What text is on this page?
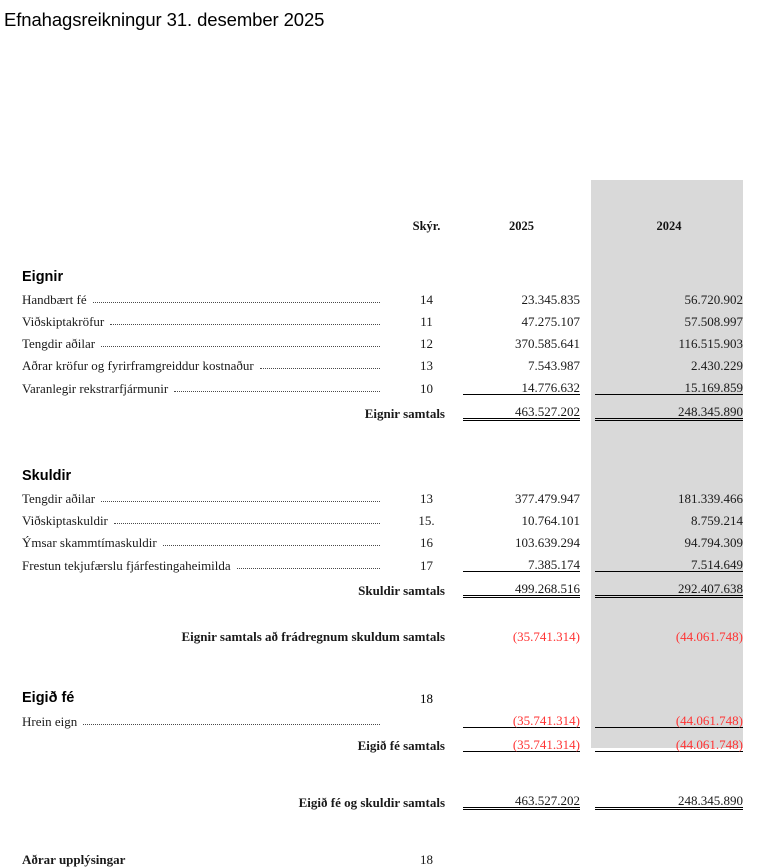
Efnahagsreikningur 31. desember 2025
	Skýr.	2025		2024	

Eignir					

Handbært fé	14	23.345.835		56.720.902	

Viðskiptakröfur	11	47.275.107		57.508.997	

Tengdir aðilar	12	370.585.641		116.515.903	

Aðrar kröfur og fyrirframgreiddur kostnaður	13	7.543.987		2.430.229	

Varanlegir rekstrarfjármunir	10	14.776.632		15.169.859	
Eignir samtals		463.527.202		248.345.890	

Skuldir					

Tengdir aðilar	13	377.479.947		181.339.466	

Viðskiptaskuldir	15.	10.764.101		8.759.214	

Ýmsar skammtímaskuldir	16	103.639.294		94.794.309	

Frestun tekjufærslu fjárfestingaheimilda	17	7.385.174		7.514.649	
Skuldir samtals		499.268.516		292.407.638	

Eignir samtals að frádregnum skuldum samtals		(35.741.314)		(44.061.748)	

Eigið fé	18				

Hrein eign		(35.741.314)		(44.061.748)	
Eigið fé samtals		(35.741.314)		(44.061.748)	

Eigið fé og skuldir samtals		463.527.202		248.345.890	

Aðrar upplýsingar	18				
